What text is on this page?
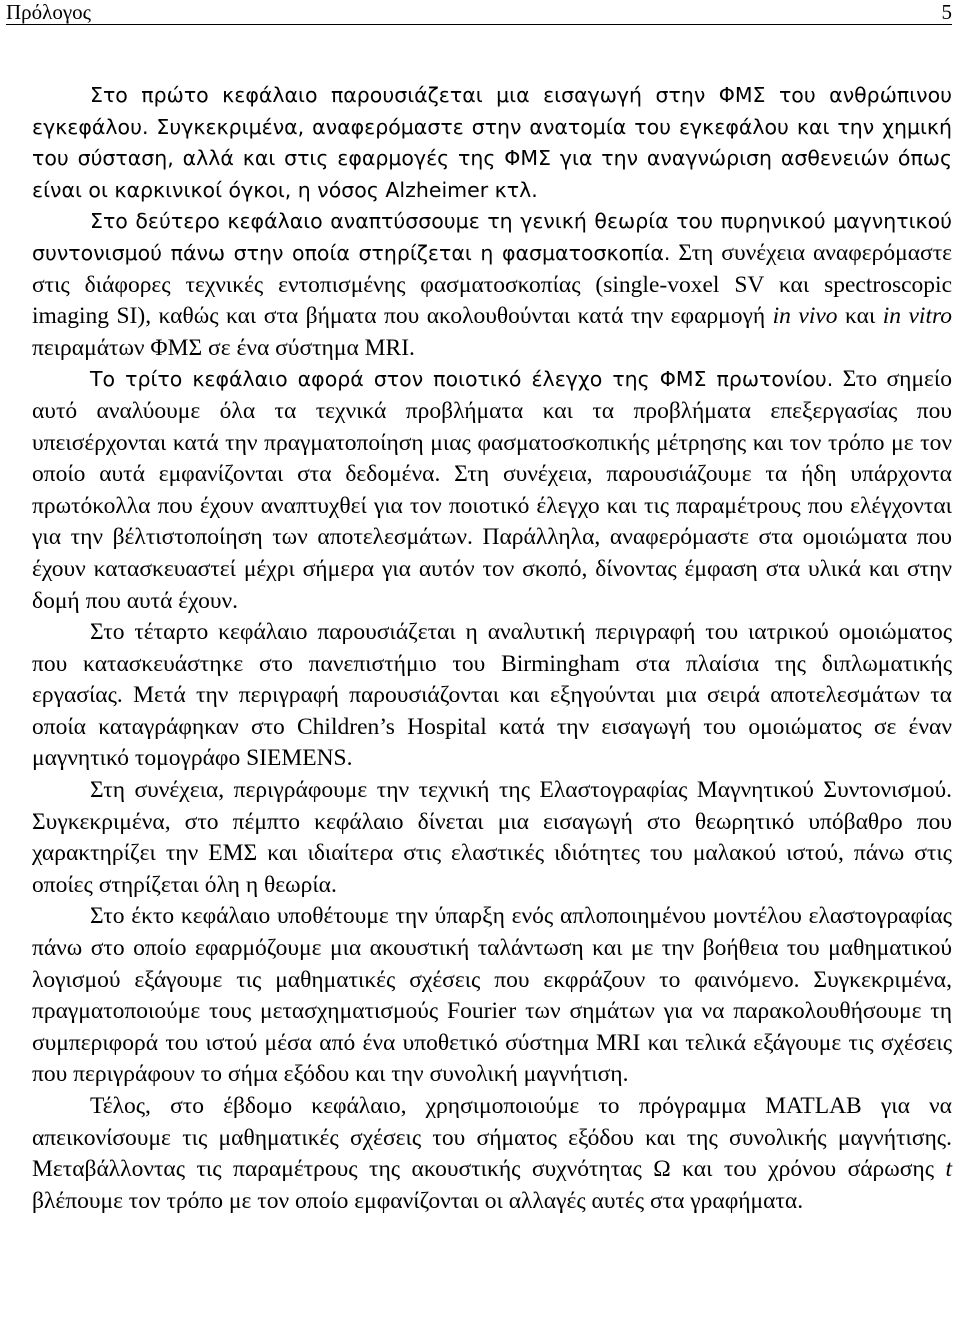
Πρόλογος	5

Στο πρώτο κεφάλαιο παρουσιάζεται μια εισαγωγή στην ΦΜΣ του ανθρώπινου εγκεφάλου. Συγκεκριμένα, αναφερόμαστε στην ανατομία του εγκεφάλου και την χημική του σύσταση, αλλά και στις εφαρμογές της ΦΜΣ για την αναγνώριση ασθενειών όπως είναι οι καρκινικοί όγκοι, η νόσος Alzheimer κτλ.

Στο δεύτερο κεφάλαιο αναπτύσσουμε τη γενική θεωρία του πυρηνικού μαγνητικού συντονισμού πάνω στην οποία στηρίζεται η φασματοσκοπία. Στη συνέχεια αναφερόμαστε στις διάφορες τεχνικές εντοπισμένης φασματοσκοπίας (single-voxel SV και spectroscopic imaging SI), καθώς και στα βήματα που ακολουθούνται κατά την εφαρμογή in vivo και in vitro πειραμάτων ΦΜΣ σε ένα σύστημα MRI.

Το τρίτο κεφάλαιο αφορά στον ποιοτικό έλεγχο της ΦΜΣ πρωτονίου. Στο σημείο αυτό αναλύουμε όλα τα τεχνικά προβλήματα και τα προβλήματα επεξεργασίας που υπεισέρχονται κατά την πραγματοποίηση μιας φασματοσκοπικής μέτρησης και τον τρόπο με τον οποίο αυτά εμφανίζονται στα δεδομένα. Στη συνέχεια, παρουσιάζουμε τα ήδη υπάρχοντα πρωτόκολλα που έχουν αναπτυχθεί για τον ποιοτικό έλεγχο και τις παραμέτρους που ελέγχονται για την βέλτιστοποίηση των αποτελεσμάτων. Παράλληλα, αναφερόμαστε στα ομοιώματα που έχουν κατασκευαστεί μέχρι σήμερα για αυτόν τον σκοπό, δίνοντας έμφαση στα υλικά και στην δομή που αυτά έχουν.

Στο τέταρτο κεφάλαιο παρουσιάζεται η αναλυτική περιγραφή του ιατρικού ομοιώματος που κατασκευάστηκε στο πανεπιστήμιο του Birmingham στα πλαίσια της διπλωματικής εργασίας. Μετά την περιγραφή παρουσιάζονται και εξηγούνται μια σειρά αποτελεσμάτων τα οποία καταγράφηκαν στο Children’s Hospital κατά την εισαγωγή του ομοιώματος σε έναν μαγνητικό τομογράφο SIEMENS.

Στη συνέχεια, περιγράφουμε την τεχνική της Ελαστογραφίας Μαγνητικού Συντονισμού. Συγκεκριμένα, στο πέμπτο κεφάλαιο δίνεται μια εισαγωγή στο θεωρητικό υπόβαθρο που χαρακτηρίζει την ΕΜΣ και ιδιαίτερα στις ελαστικές ιδιότητες του μαλακού ιστού, πάνω στις οποίες στηρίζεται όλη η θεωρία.

Στο έκτο κεφάλαιο υποθέτουμε την ύπαρξη ενός απλοποιημένου μοντέλου ελαστογραφίας πάνω στο οποίο εφαρμόζουμε μια ακουστική ταλάντωση και με την βοήθεια του μαθηματικού λογισμού εξάγουμε τις μαθηματικές σχέσεις που εκφράζουν το φαινόμενο. Συγκεκριμένα, πραγματοποιούμε τους μετασχηματισμούς Fourier των σημάτων για να παρακολουθήσουμε τη συμπεριφορά του ιστού μέσα από ένα υποθετικό σύστημα MRI και τελικά εξάγουμε τις σχέσεις που περιγράφουν το σήμα εξόδου και την συνολική μαγνήτιση.

Τέλος, στο έβδομο κεφάλαιο, χρησιμοποιούμε το πρόγραμμα MATLAB για να απεικονίσουμε τις μαθηματικές σχέσεις του σήματος εξόδου και της συνολικής μαγνήτισης. Μεταβάλλοντας τις παραμέτρους της ακουστικής συχνότητας Ω και του χρόνου σάρωσης t βλέπουμε τον τρόπο με τον οποίο εμφανίζονται οι αλλαγές αυτές στα γραφήματα.
